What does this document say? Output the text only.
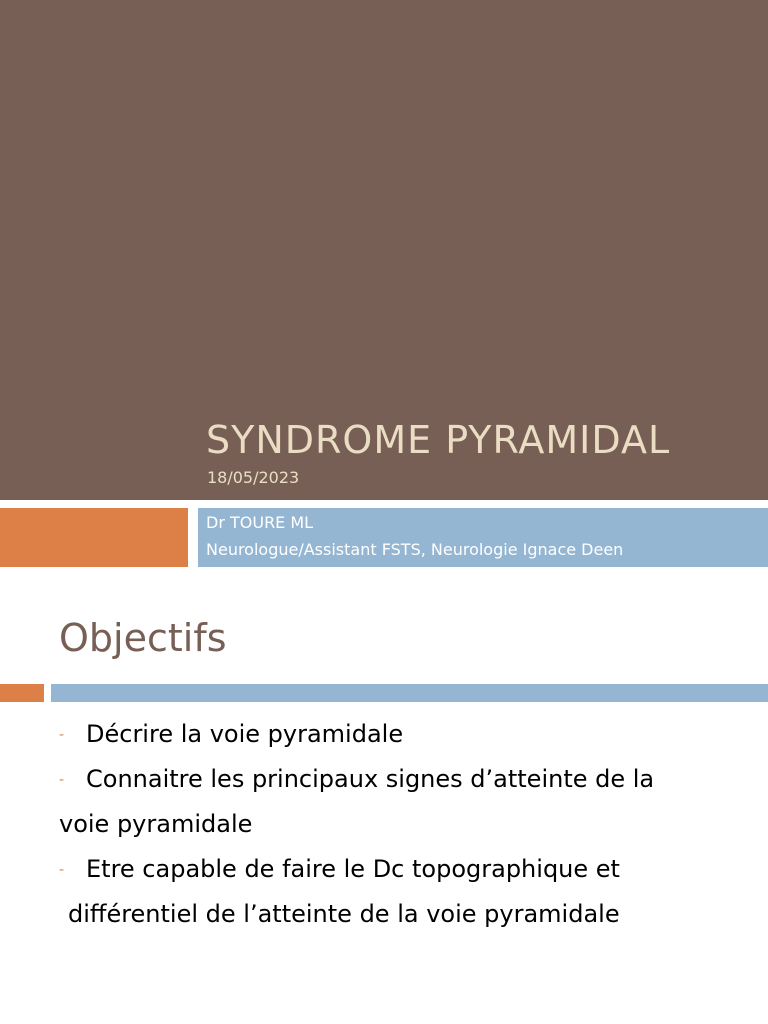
SYNDROME PYRAMIDAL
18/05/2023
Dr TOURE ML
Neurologue/Assistant FSTS, Neurologie Ignace Deen
Objectifs
- Décrire la voie pyramidale
- Connaitre les principaux signes d’atteinte de la
voie pyramidale
- Etre capable de faire le Dc topographique et
différentiel de l’atteinte de la voie pyramidale
